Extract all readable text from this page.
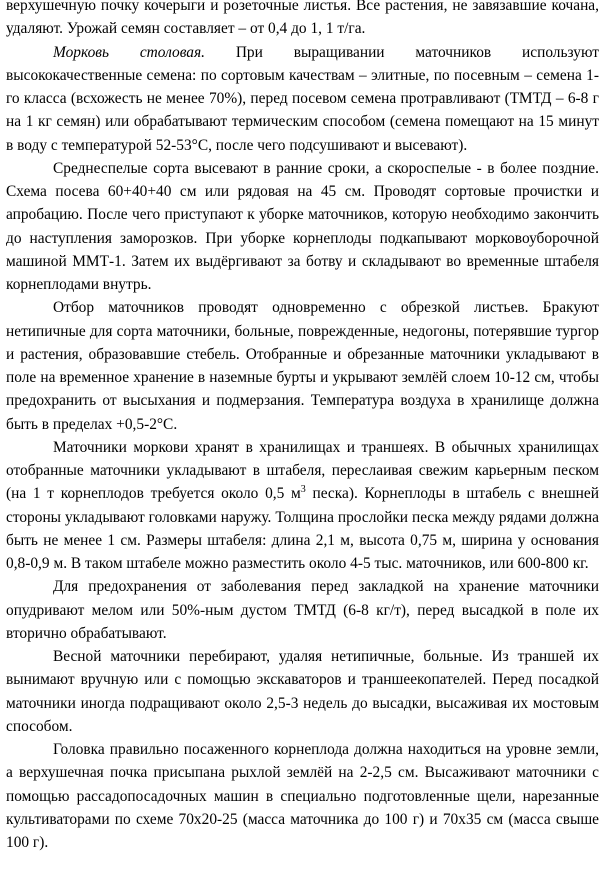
верхушечную почку кочерыги и розеточные листья. Все растения, не завязавшие кочана, удаляют. Урожай семян составляет – от 0,4 до 1, 1 т/га.

Морковь столовая. При выращивании маточников используют высококачественные семена: по сортовым качествам – элитные, по посевным – семена 1-го класса (всхожесть не менее 70%), перед посевом семена протравливают (ТМТД – 6-8 г на 1 кг семян) или обрабатывают термическим способом (семена помещают на 15 минут в воду с температурой 52-53°С, после чего подсушивают и высевают).

Среднеспелые сорта высевают в ранние сроки, а скороспелые - в более поздние. Схема посева 60+40+40 см или рядовая на 45 см. Проводят сортовые прочистки и апробацию. После чего приступают к уборке маточников, которую необходимо закончить до наступления заморозков. При уборке корнеплоды подкапывают морковоуборочной машиной ММТ-1. Затем их выдёргивают за ботву и складывают во временные штабеля корнеплодами внутрь.

Отбор маточников проводят одновременно с обрезкой листьев. Бракуют нетипичные для сорта маточники, больные, поврежденные, недогоны, потерявшие тургор и растения, образовавшие стебель. Отобранные и обрезанные маточники укладывают в поле на временное хранение в наземные бурты и укрывают землёй слоем 10-12 см, чтобы предохранить от высыхания и подмерзания. Температура воздуха в хранилище должна быть в пределах +0,5-2°С.

Маточники моркови хранят в хранилищах и траншеях. В обычных хранилищах отобранные маточники укладывают в штабеля, переслаивая свежим карьерным песком (на 1 т корнеплодов требуется около 0,5 $м^3$ песка). Корнеплоды в штабель с внешней стороны укладывают головками наружу. Толщина прослойки песка между рядами должна быть не менее 1 см. Размеры штабеля: длина 2,1 м, высота 0,75 м, ширина у основания 0,8-0,9 м. В таком штабеле можно разместить около 4-5 тыс. маточников, или 600-800 кг.

Для предохранения от заболевания перед закладкой на хранение маточники опудривают мелом или 50%-ным дустом ТМТД (6-8 кг/т), перед высадкой в поле их вторично обрабатывают.

Весной маточники перебирают, удаляя нетипичные, больные. Из траншей их вынимают вручную или с помощью экскаваторов и траншеекопателей. Перед посадкой маточники иногда подращивают около 2,5-3 недель до высадки, высаживая их мостовым способом.

Головка правильно посаженного корнеплода должна находиться на уровне земли, а верхушечная почка присыпана рыхлой землёй на 2-2,5 см. Высаживают маточники с помощью рассадопосадочных машин в специально подготовленные щели, нарезанные культиваторами по схеме 70х20-25 (масса маточника до 100 г) и 70х35 см (масса свыше 100 г).
